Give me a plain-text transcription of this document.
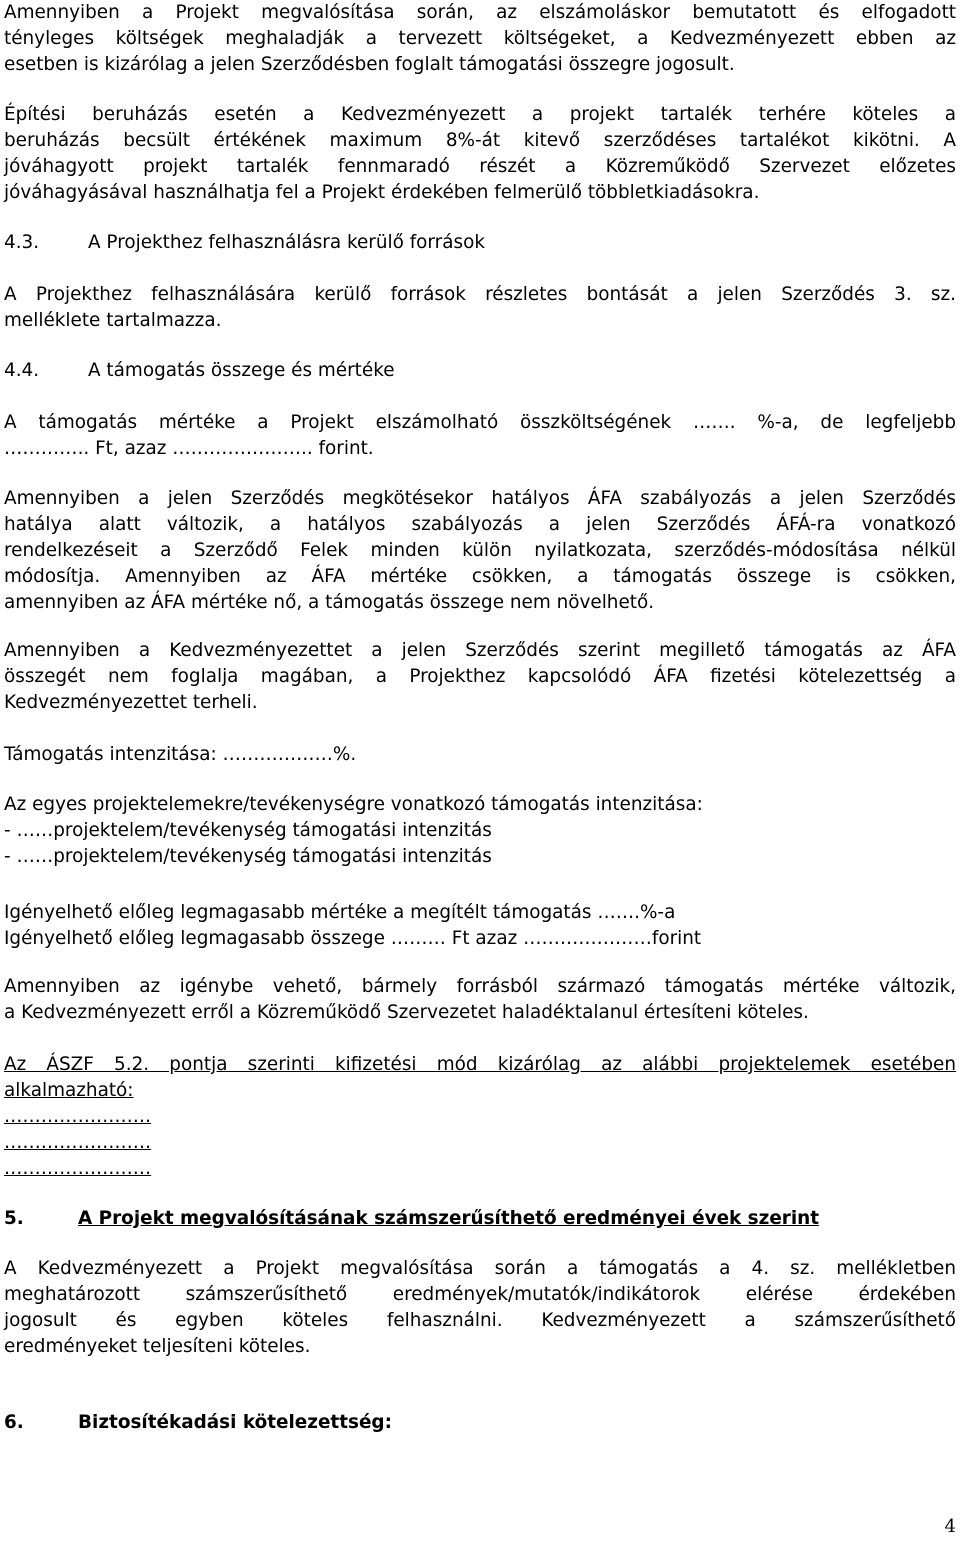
Amennyiben a Projekt megvalósítása során, az elszámoláskor bemutatott és elfogadott
tényleges költségek meghaladják a tervezett költségeket, a Kedvezményezett ebben az
esetben is kizárólag a jelen Szerződésben foglalt támogatási összegre jogosult.
Építési beruházás esetén a Kedvezményezett a projekt tartalék terhére köteles a
beruházás becsült értékének maximum 8%-át kitevő szerződéses tartalékot kikötni. A
jóváhagyott projekt tartalék fennmaradó részét a Közreműködő Szervezet előzetes
jóváhagyásával használhatja fel a Projekt érdekében felmerülő többletkiadásokra.
4.3.	A Projekthez felhasználásra kerülő források
A Projekthez felhasználására kerülő források részletes bontását a jelen Szerződés 3. sz.
melléklete tartalmazza.
4.4.	A támogatás összege és mértéke
A támogatás mértéke a Projekt elszámolható összköltségének ……. %-a, de legfeljebb
………….. Ft, azaz ………………….. forint.
Amennyiben a jelen Szerződés megkötésekor hatályos ÁFA szabályozás a jelen Szerződés
hatálya alatt változik, a hatályos szabályozás a jelen Szerződés ÁFÁ-ra vonatkozó
rendelkezéseit a Szerződő Felek minden külön nyilatkozata, szerződés-módosítása nélkül
módosítja. Amennyiben az ÁFA mértéke csökken, a támogatás összege is csökken,
amennyiben az ÁFA mértéke nő, a támogatás összege nem növelhető.
Amennyiben a Kedvezményezettet a jelen Szerződés szerint megillető támogatás az ÁFA
összegét nem foglalja magában, a Projekthez kapcsolódó ÁFA fizetési kötelezettség a
Kedvezményezettet terheli.
Támogatás intenzitása: ………………%.
Az egyes projektelemekre/tevékenységre vonatkozó támogatás intenzitása:
- ……projektelem/tevékenység támogatási intenzitás
- ……projektelem/tevékenység támogatási intenzitás
Igényelhető előleg legmagasabb mértéke a megítélt támogatás …….%-a
Igényelhető előleg legmagasabb összege ……… Ft azaz …………………forint
Amennyiben az igénybe vehető, bármely forrásból származó támogatás mértéke változik,
a Kedvezményezett erről a Közreműködő Szervezetet haladéktalanul értesíteni köteles.
Az ÁSZF 5.2. pontja szerinti kifizetési mód kizárólag az alábbi projektelemek esetében
alkalmazható:
……………………
……………………
……………………
5.	A Projekt megvalósításának számszerűsíthető eredményei évek szerint
A Kedvezményezett a Projekt megvalósítása során a támogatás a 4. sz. mellékletben
meghatározott számszerűsíthető eredmények/mutatók/indikátorok elérése érdekében
jogosult és egyben köteles felhasználni. Kedvezményezett a számszerűsíthető
eredményeket teljesíteni köteles.
6.	Biztosítékadási kötelezettség:
4
